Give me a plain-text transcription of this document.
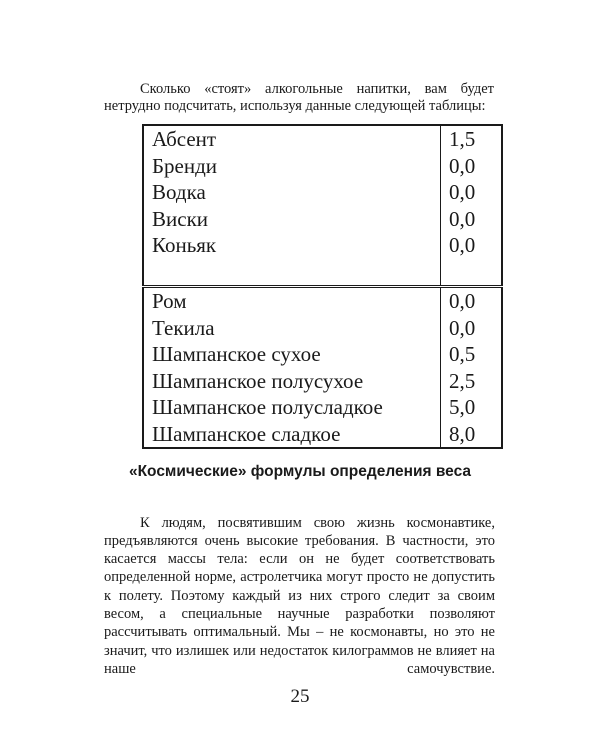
Сколько «стоят» алкогольные напитки, вам будет нетрудно подсчитать, используя данные следующей таблицы:

Абсент	1,5
Бренди	0,0
Водка	0,0
Виски	0,0
Коньяк	0,0
Ром	0,0
Текила	0,0
Шампанское сухое	0,5
Шампанское полусухое	2,5
Шампанское полусладкое	5,0
Шампанское сладкое	8,0
«Космические» формулы определения веса

К людям, посвятившим свою жизнь космонавтике, предъявляются очень высокие требования. В частности, это касается массы тела: если он не будет соответствовать определенной норме, астролетчика могут просто не допустить к полету. Поэтому каждый из них строго следит за своим весом, а специальные научные разработки позволяют рассчитывать оптимальный. Мы – не космонавты, но это не значит, что излишек или недостаток килограммов не влияет на наше самочувствие.

25
